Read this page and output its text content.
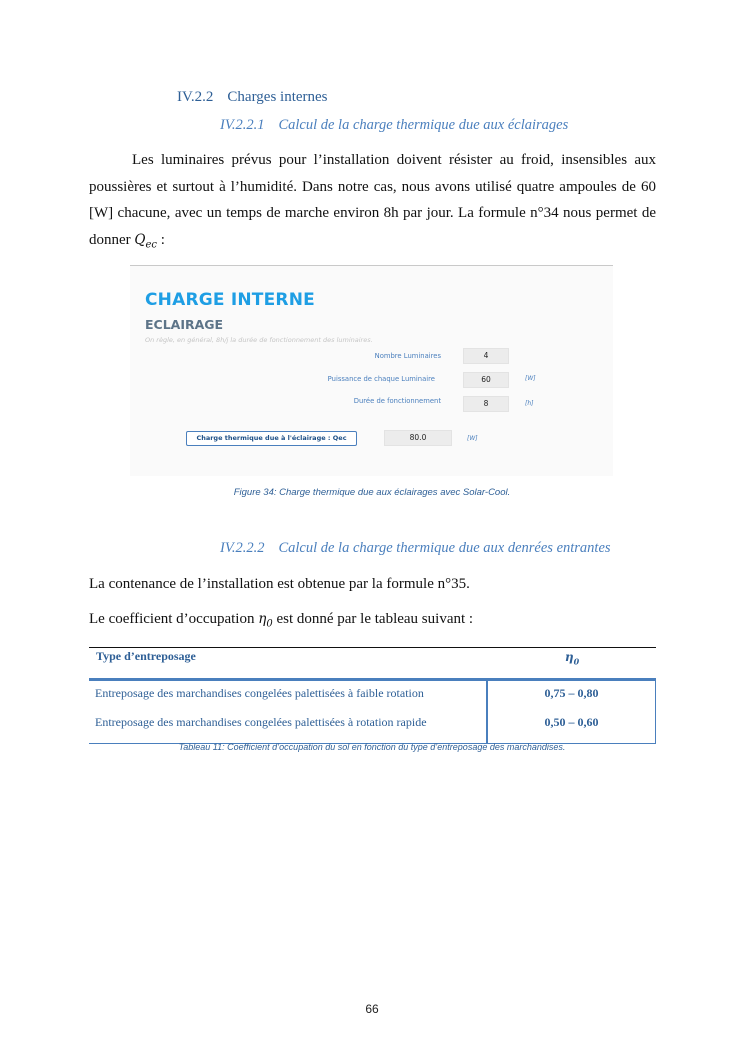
IV.2.2 Charges internes
IV.2.2.1 Calcul de la charge thermique due aux éclairages

Les luminaires prévus pour l’installation doivent résister au froid, insensibles aux poussières et surtout à l’humidité. Dans notre cas, nous avons utilisé quatre ampoules de 60 [W] chacune, avec un temps de marche environ 8h par jour. La formule n°34 nous permet de donner $Q_{ec}$ :

CHARGE INTERNE
ECLAIRAGE
On règle, en général, 8h/j la durée de fonctionnement des luminaires.
Nombre Luminaires	4
Puissance de chaque Luminaire	60	[W]
Durée de fonctionnement	8	[h]
Charge thermique due à l'éclairage : Qec	80.0	[W]
Figure 34: Charge thermique due aux éclairages avec Solar-Cool.
IV.2.2.2 Calcul de la charge thermique due aux denrées entrantes

La contenance de l’installation est obtenue par la formule n°35.

Le coefficient d’occupation $\eta_0$ est donné par le tableau suivant :

Type d’entreposage	$\eta_0$
Entreposage des marchandises congelées palettisées à faible rotation	0,75 – 0,80
Entreposage des marchandises congelées palettisées à rotation rapide	0,50 – 0,60
Tableau 11: Coefficient d’occupation du sol en fonction du type d’entreposage des marchandises.
66
